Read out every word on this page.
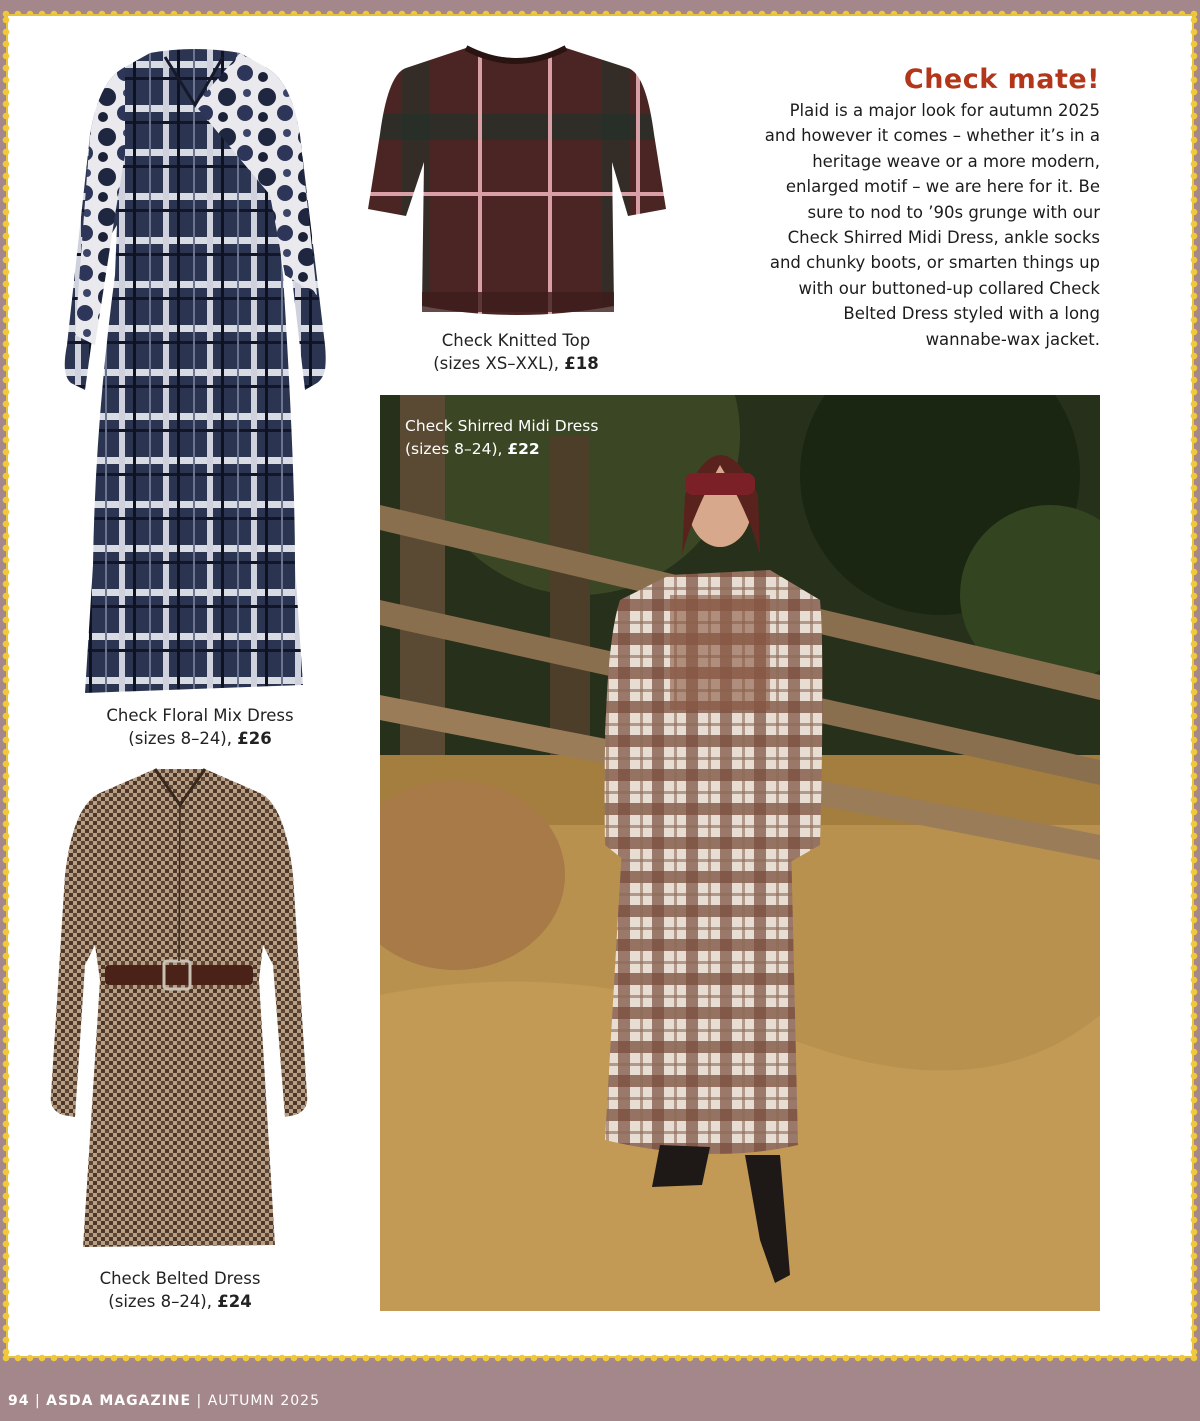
Check Floral Mix Dress
(sizes 8–24), £26
Check Knitted Top
(sizes XS–XXL), £18
Check mate!
Plaid is a major look for autumn 2025
and however it comes – whether it’s in a
heritage weave or a more modern,
enlarged motif – we are here for it. Be
sure to nod to ’90s grunge with our
Check Shirred Midi Dress, ankle socks
and chunky boots, or smarten things up
with our buttoned-up collared Check
Belted Dress styled with a long
wannabe-wax jacket.
Check Belted Dress
(sizes 8–24), £24
Check Shirred Midi Dress
(sizes 8–24), £22
94 | ASDA MAGAZINE | AUTUMN 2025
